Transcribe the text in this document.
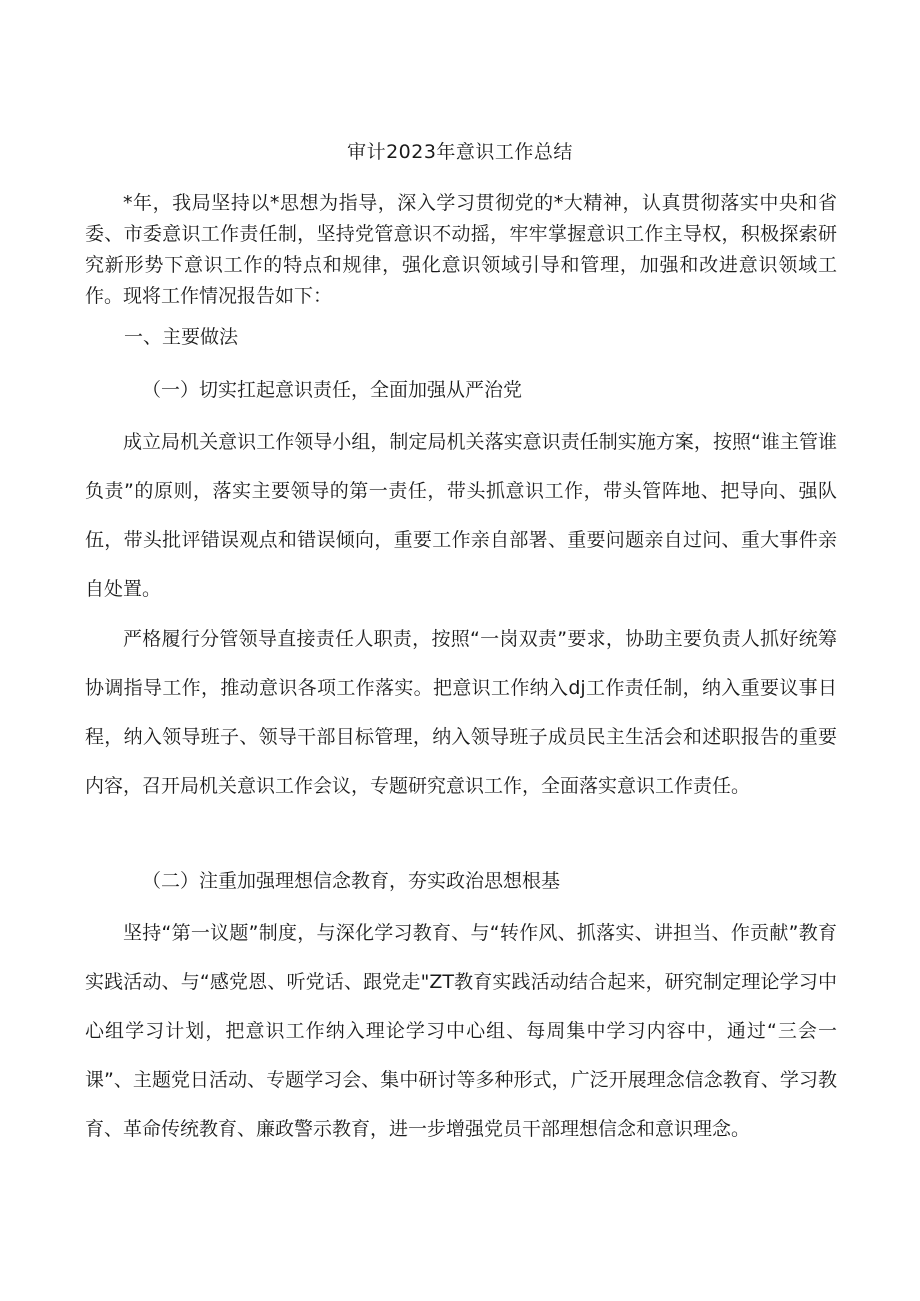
审计2023年意识工作总结

*年，我局坚持以*思想为指导，深入学习贯彻党的*大精神，认真贯彻落实中央和省委、市委意识工作责任制，坚持党管意识不动摇，牢牢掌握意识工作主导权，积极探索研究新形势下意识工作的特点和规律，强化意识领域引导和管理，加强和改进意识领域工作。现将工作情况报告如下：

一、主要做法

（一）切实扛起意识责任，全面加强从严治党

成立局机关意识工作领导小组，制定局机关落实意识责任制实施方案，按照“谁主管谁负责”的原则，落实主要领导的第一责任，带头抓意识工作，带头管阵地、把导向、强队伍，带头批评错误观点和错误倾向，重要工作亲自部署、重要问题亲自过问、重大事件亲自处置。

严格履行分管领导直接责任人职责，按照“一岗双责”要求，协助主要负责人抓好统筹协调指导工作，推动意识各项工作落实。把意识工作纳入dj工作责任制，纳入重要议事日程，纳入领导班子、领导干部目标管理，纳入领导班子成员民主生活会和述职报告的重要内容，召开局机关意识工作会议，专题研究意识工作，全面落实意识工作责任。

（二）注重加强理想信念教育，夯实政治思想根基

坚持“第一议题”制度，与深化学习教育、与“转作风、抓落实、讲担当、作贡献”教育实践活动、与“感党恩、听党话、跟党走"ZT教育实践活动结合起来，研究制定理论学习中心组学习计划，把意识工作纳入理论学习中心组、每周集中学习内容中，通过“三会一课”、主题党日活动、专题学习会、集中研讨等多种形式，广泛开展理念信念教育、学习教育、革命传统教育、廉政警示教育，进一步增强党员干部理想信念和意识理念。
